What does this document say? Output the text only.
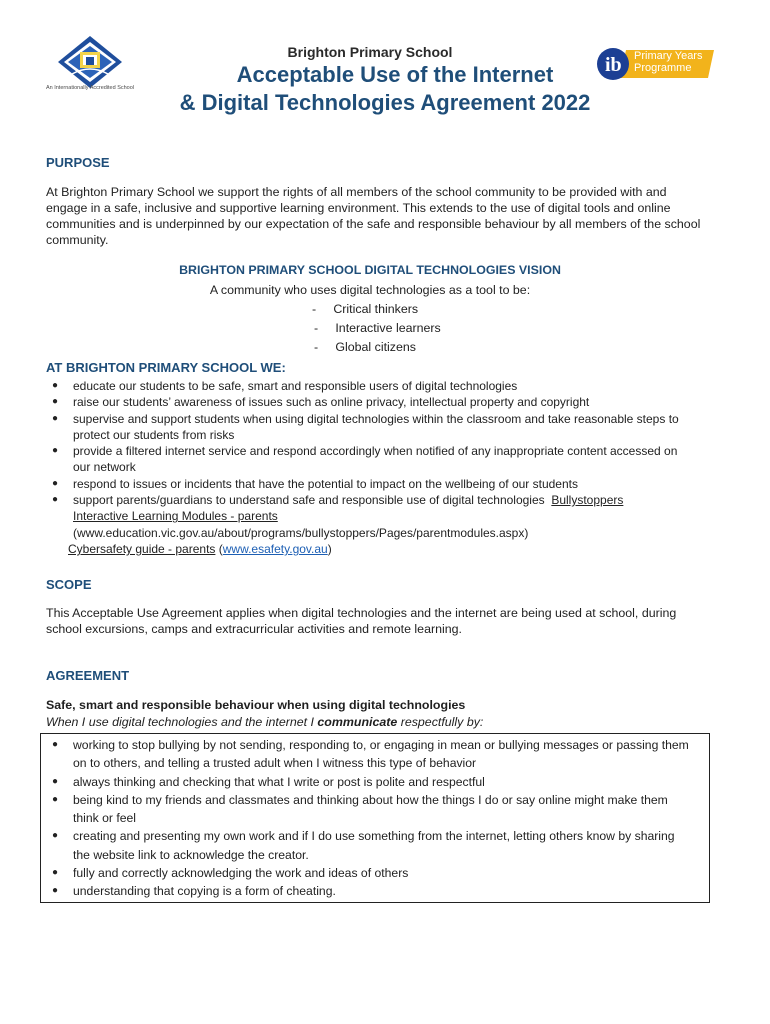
An Internationally Accredited School
ib Primary Years
Programme
Brighton Primary School
Acceptable Use of the Internet
& Digital Technologies Agreement 2022
PURPOSE
At Brighton Primary School we support the rights of all members of the school community to be provided with and engage in a safe, inclusive and supportive learning environment. This extends to the use of digital tools and online communities and is underpinned by our expectation of the safe and responsible behaviour by all members of the school community.
BRIGHTON PRIMARY SCHOOL DIGITAL TECHNOLOGIES VISION
A community who uses digital technologies as a tool to be:
- Critical thinkers
- Interactive learners
- Global citizens
AT BRIGHTON PRIMARY SCHOOL WE:
● educate our students to be safe, smart and responsible users of digital technologies
● raise our students’ awareness of issues such as online privacy, intellectual property and copyright
● supervise and support students when using digital technologies within the classroom and take reasonable steps to protect our students from risks
● provide a filtered internet service and respond accordingly when notified of any inappropriate content accessed on our network
● respond to issues or incidents that have the potential to impact on the wellbeing of our students
● support parents/guardians to understand safe and responsible use of digital technologies Bullystoppers
Interactive Learning Modules - parents
(www.education.vic.gov.au/about/programs/bullystoppers/Pages/parentmodules.aspx)
Cybersafety guide - parents (www.esafety.gov.au)
SCOPE
This Acceptable Use Agreement applies when digital technologies and the internet are being used at school, during school excursions, camps and extracurricular activities and remote learning.
AGREEMENT
Safe, smart and responsible behaviour when using digital technologies
When I use digital technologies and the internet I communicate respectfully by:
● working to stop bullying by not sending, responding to, or engaging in mean or bullying messages or passing them on to others, and telling a trusted adult when I witness this type of behavior
● always thinking and checking that what I write or post is polite and respectful
● being kind to my friends and classmates and thinking about how the things I do or say online might make them think or feel
● creating and presenting my own work and if I do use something from the internet, letting others know by sharing the website link to acknowledge the creator.
● fully and correctly acknowledging the work and ideas of others
● understanding that copying is a form of cheating.
